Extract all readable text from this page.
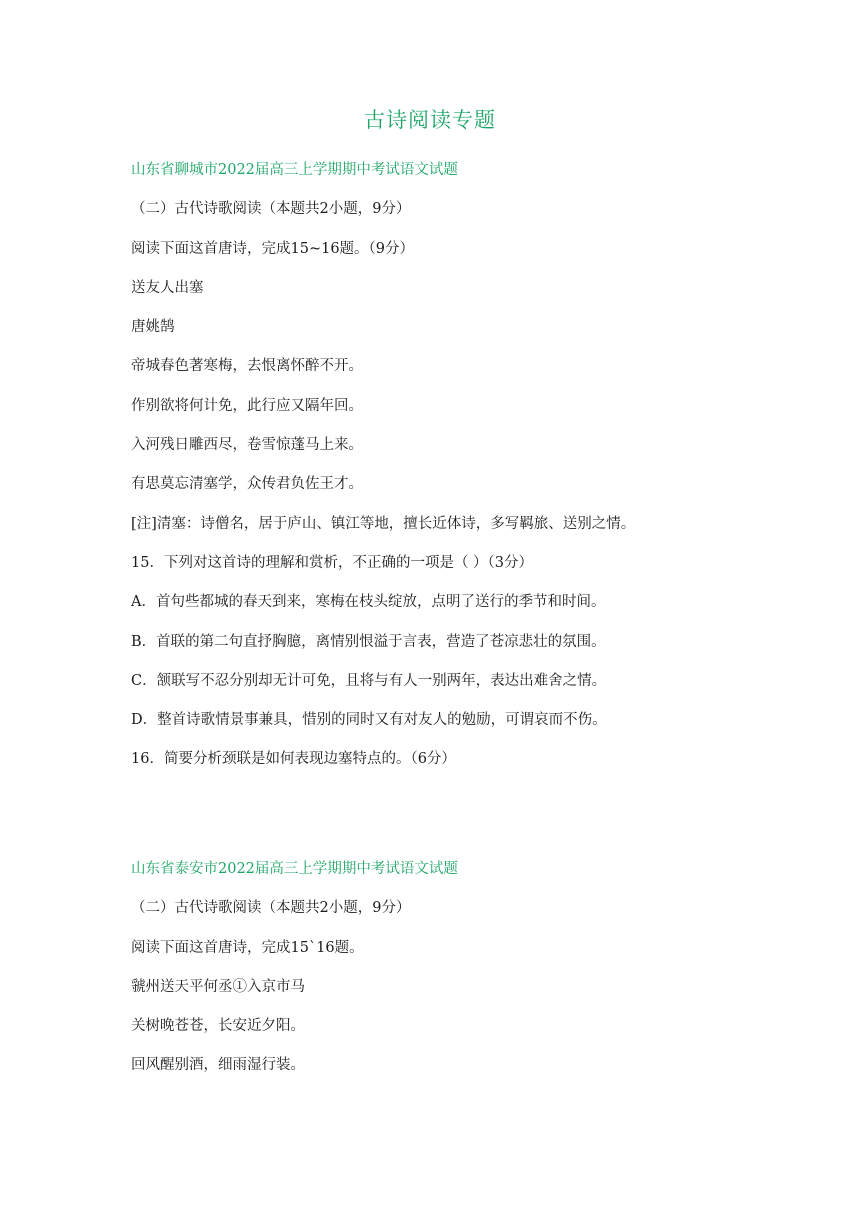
古诗阅读专题
山东省聊城市2022届高三上学期期中考试语文试题
（二）古代诗歌阅读（本题共2小题，9分）
阅读下面这首唐诗，完成15~16题。（9分）
送友人出塞
唐姚鹄
帝城春色著寒梅，去恨离怀醉不开。
作别欲将何计免，此行应又隔年回。
入河残日雕西尽，卷雪惊蓬马上来。
有思莫忘清塞学，众传君负佐王才。
[注]清塞：诗僧名，居于庐山、镇江等地，擅长近体诗，多写羁旅、送别之情。
15．下列对这首诗的理解和赏析，不正确的一项是（ ）（3分）
A．首句些都城的春天到来，寒梅在枝头绽放，点明了送行的季节和时间。
B．首联的第二句直抒胸臆，离情别恨溢于言表，营造了苍凉悲壮的氛围。
C．颔联写不忍分别却无计可免，且将与有人一别两年，表达出难舍之情。
D．整首诗歌情景事兼具，惜别的同时又有对友人的勉励，可谓哀而不伤。
16．简要分析颈联是如何表现边塞特点的。（6分）
山东省泰安市2022届高三上学期期中考试语文试题
（二）古代诗歌阅读（本题共2小题，9分）
阅读下面这首唐诗，完成15`16题。
虢州送天平何丞①入京市马
关树晚苍苍，长安近夕阳。
回风醒别酒，细雨湿行装。
